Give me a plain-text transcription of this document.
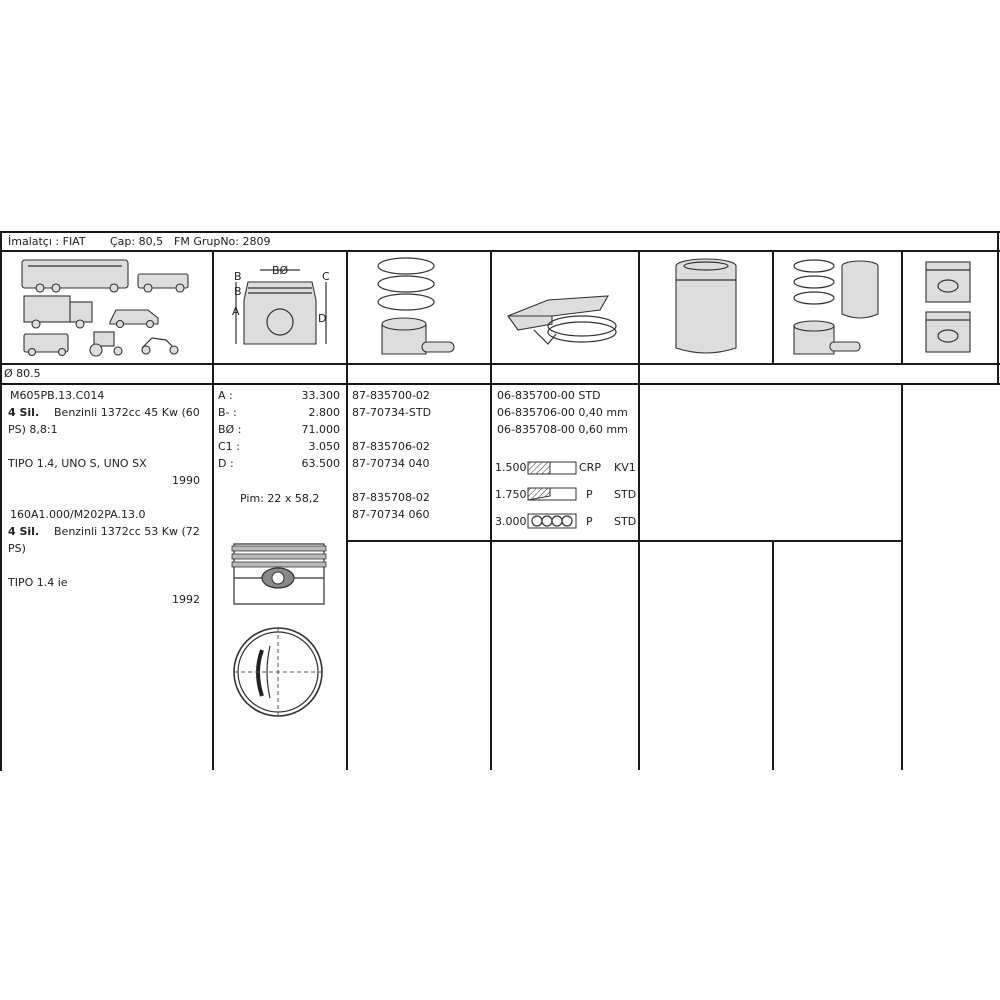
İmalatçı : FIAT Çap: 80,5 FM GrupNo: 2809
B
B
BØ	C
A
D
Ø 80.5
M605PB.13.C014
4 Sil. Benzinli 1372cc 45 Kw (60
PS) 8,8:1
TIPO 1.4, UNO S, UNO SX
1990
160A1.000/M202PA.13.0
4 Sil. Benzinli 1372cc 53 Kw (72
PS)
TIPO 1.4 ie
1992
A :	33.300
B- :	2.800
BØ :	71.000
C1 :	3.050
D :	63.500
Pim: 22 x 58,2
87-835700-02
87-70734-STD
87-835706-02
87-70734 040
87-835708-02
87-70734 060
06-835700-00 STD
06-835706-00 0,40 mm
06-835708-00 0,60 mm
1.500	CRP KV1
1.750	P STD
3.000	P STD
